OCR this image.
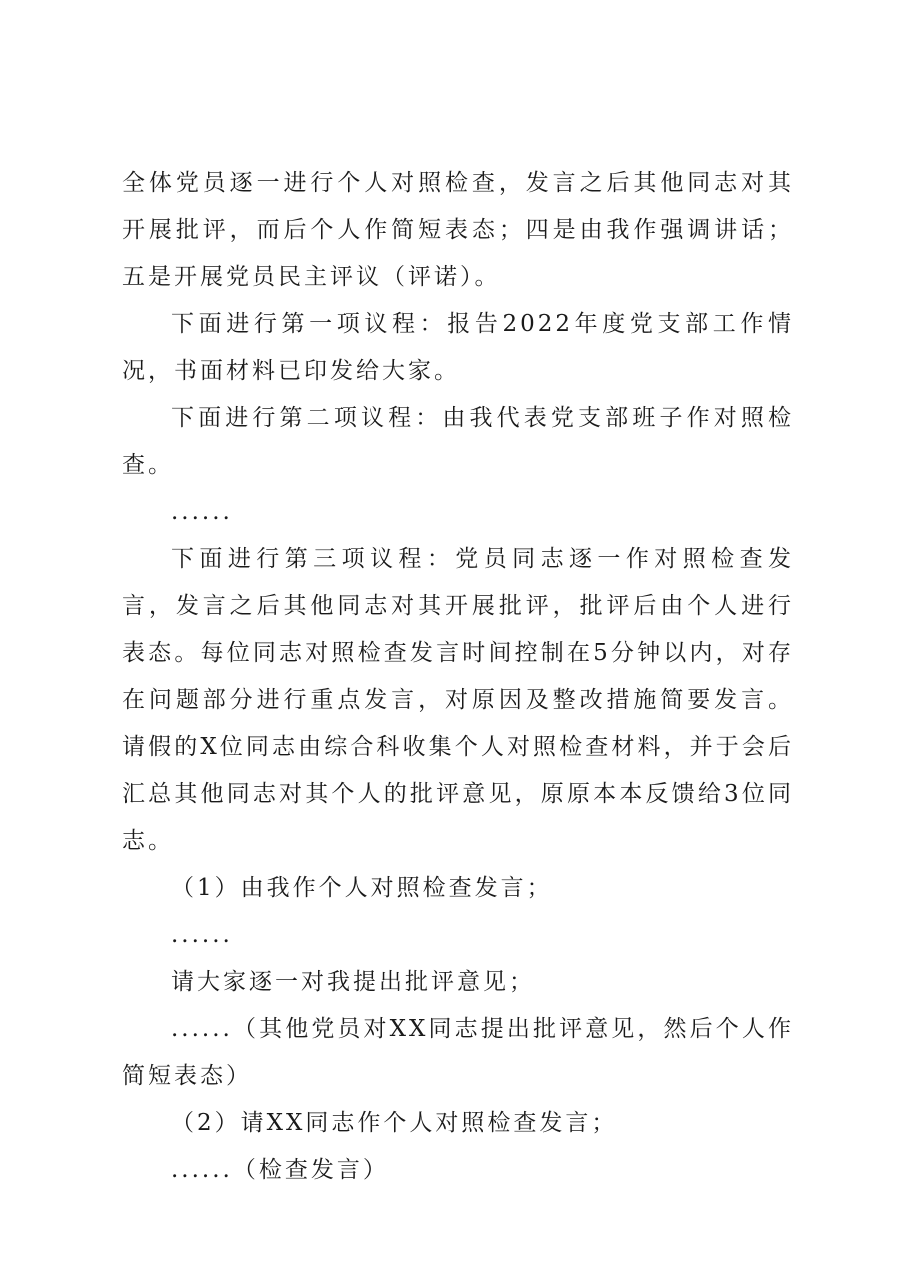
全体党员逐一进行个人对照检查，发言之后其他同志对其开展批评，而后个人作简短表态；四是由我作强调讲话；五是开展党员民主评议（评诺）。

下面进行第一项议程：报告2022年度党支部工作情况，书面材料已印发给大家。

下面进行第二项议程：由我代表党支部班子作对照检查。

......

下面进行第三项议程：党员同志逐一作对照检查发言，发言之后其他同志对其开展批评，批评后由个人进行表态。每位同志对照检查发言时间控制在5分钟以内，对存在问题部分进行重点发言，对原因及整改措施简要发言。请假的X位同志由综合科收集个人对照检查材料，并于会后汇总其他同志对其个人的批评意见，原原本本反馈给3位同志。

（1）由我作个人对照检查发言；

......

请大家逐一对我提出批评意见；

......（其他党员对XX同志提出批评意见，然后个人作简短表态）

（2）请XX同志作个人对照检查发言；

......（检查发言）
